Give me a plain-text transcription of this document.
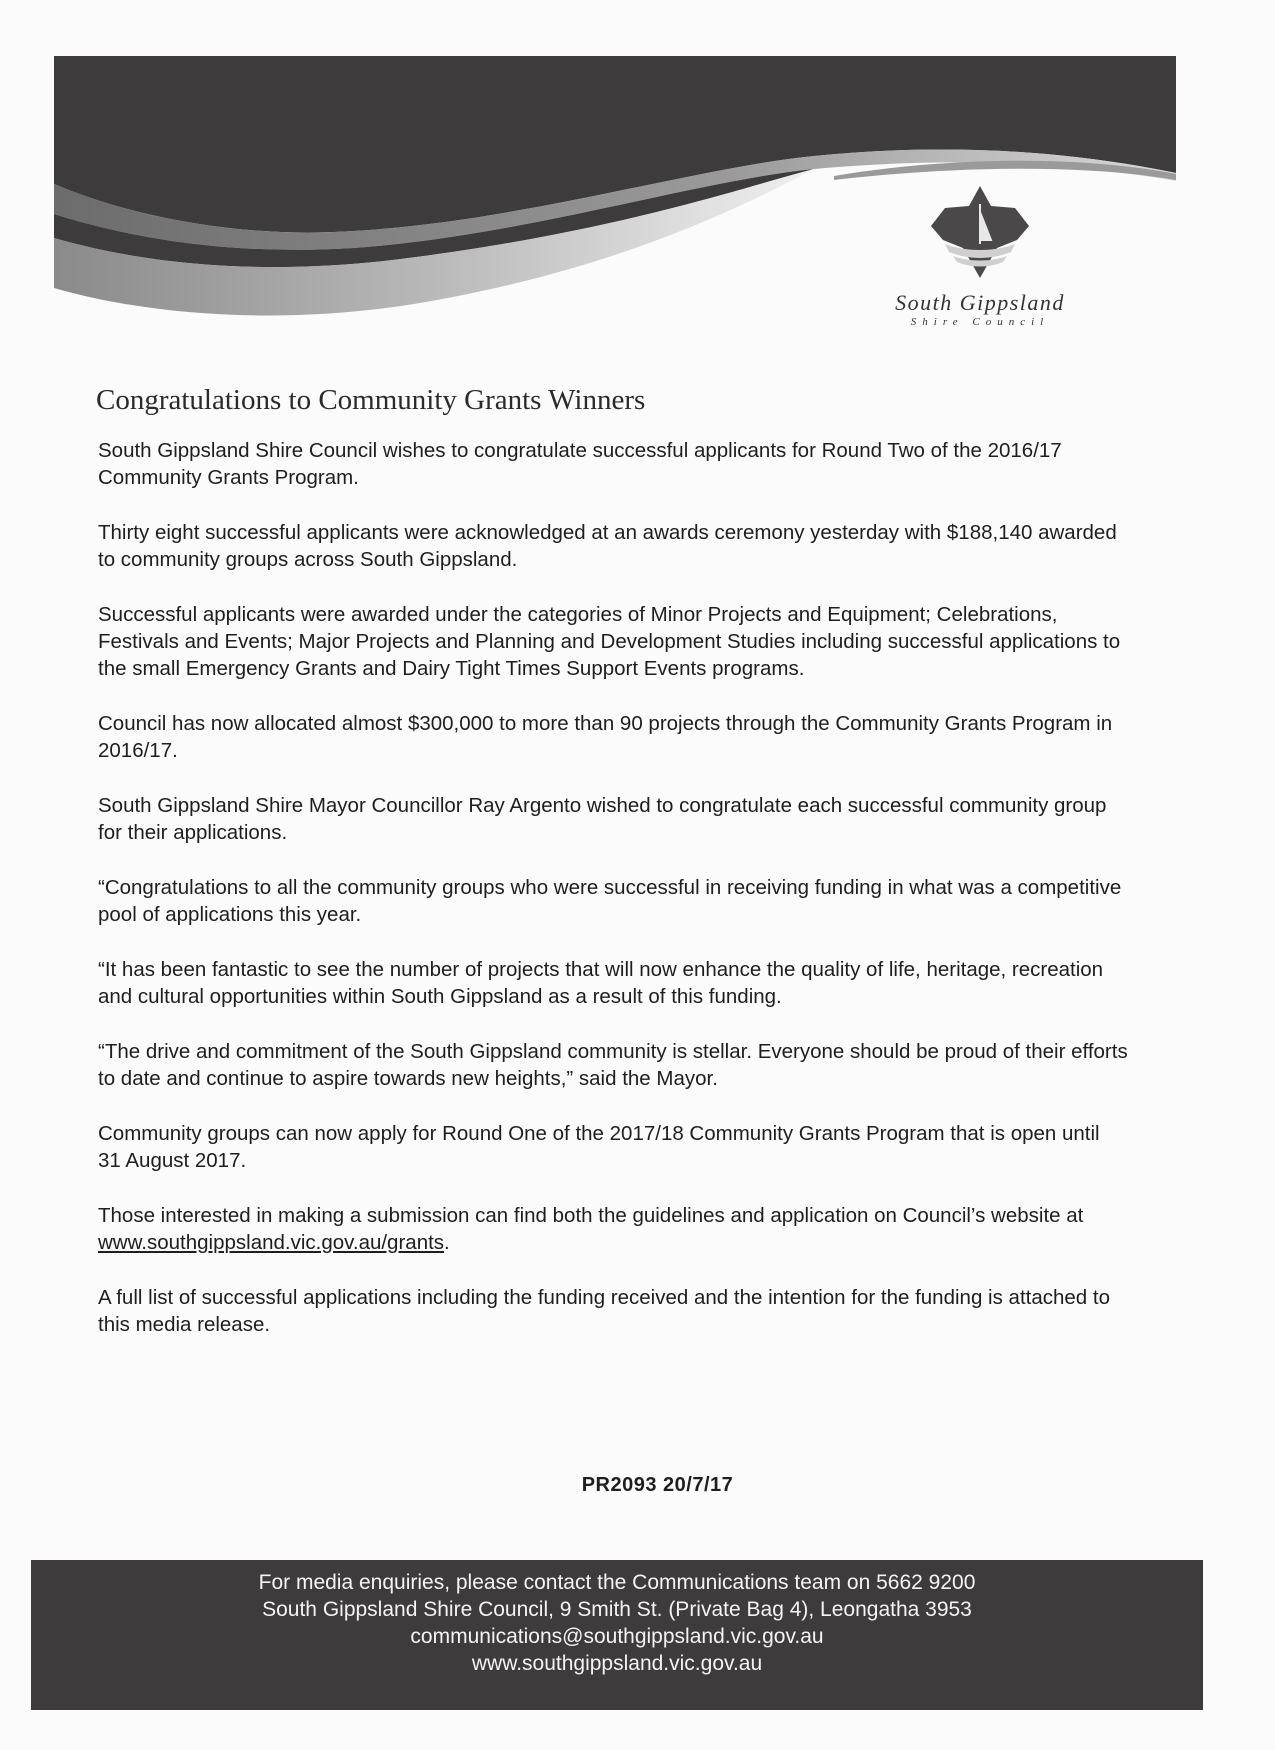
South Gippsland
Shire Council
Congratulations to Community Grants Winners

South Gippsland Shire Council wishes to congratulate successful applicants for Round Two of the 2016/17 Community Grants Program.

Thirty eight successful applicants were acknowledged at an awards ceremony yesterday with $188,140 awarded to community groups across South Gippsland.

Successful applicants were awarded under the categories of Minor Projects and Equipment; Celebrations, Festivals and Events; Major Projects and Planning and Development Studies including successful applications to the small Emergency Grants and Dairy Tight Times Support Events programs.

Council has now allocated almost $300,000 to more than 90 projects through the Community Grants Program in 2016/17.

South Gippsland Shire Mayor Councillor Ray Argento wished to congratulate each successful community group for their applications.

“Congratulations to all the community groups who were successful in receiving funding in what was a competitive pool of applications this year.

“It has been fantastic to see the number of projects that will now enhance the quality of life, heritage, recreation and cultural opportunities within South Gippsland as a result of this funding.

“The drive and commitment of the South Gippsland community is stellar. Everyone should be proud of their efforts to date and continue to aspire towards new heights,” said the Mayor.

Community groups can now apply for Round One of the 2017/18 Community Grants Program that is open until 31 August 2017.

Those interested in making a submission can find both the guidelines and application on Council’s website at www.southgippsland.vic.gov.au/grants.

A full list of successful applications including the funding received and the intention for the funding is attached to this media release.

PR2093 20/7/17
For media enquiries, please contact the Communications team on 5662 9200
South Gippsland Shire Council, 9 Smith St. (Private Bag 4), Leongatha 3953
communications@southgippsland.vic.gov.au
www.southgippsland.vic.gov.au
